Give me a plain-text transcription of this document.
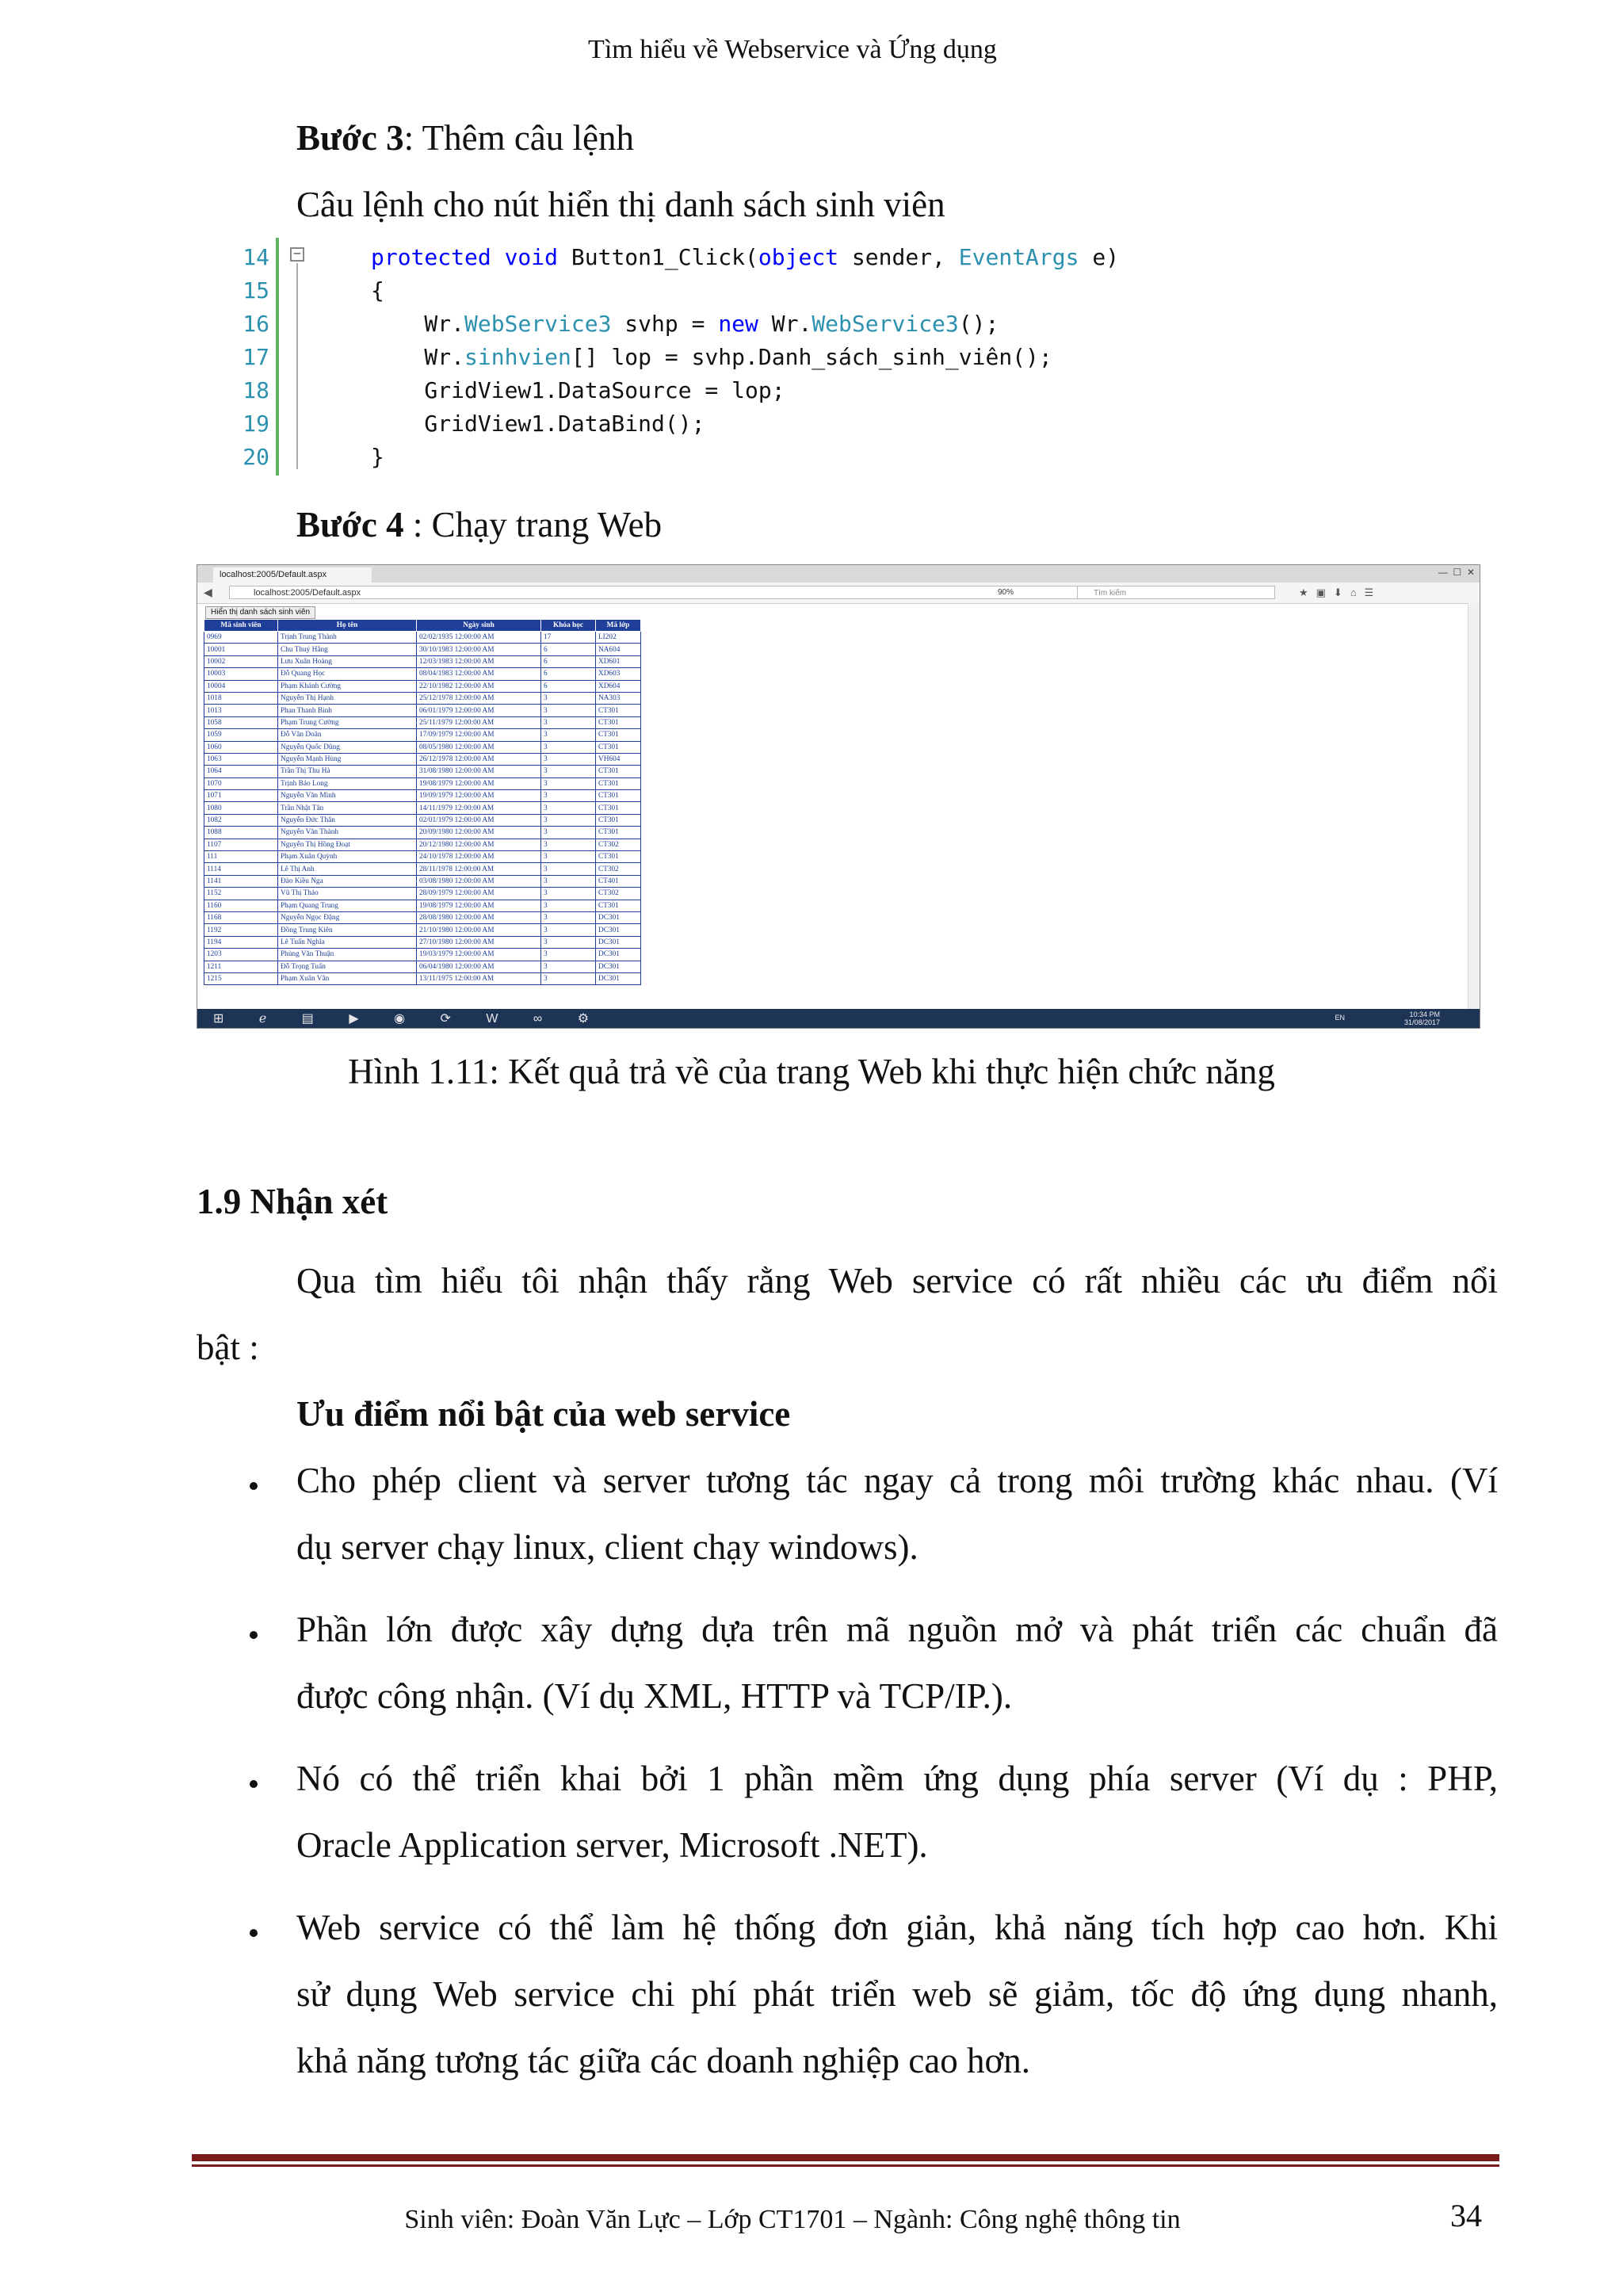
Tìm hiểu về Webservice và Ứng dụng
Bước 3: Thêm câu lệnh
Câu lệnh cho nút hiển thị danh sách sinh viên
14
15
16
17
18
19
20
−	protected void Button1_Click(object sender, EventArgs e)
{
Wr.WebService3 svhp = new Wr.WebService3();
Wr.sinhvien[] lop = svhp.Danh_sách_sinh_viên();
GridView1.DataSource = lop;
GridView1.DataBind();
}
Bước 4 : Chạy trang Web
localhost:2005/Default.aspx	—  ☐  ✕
◀	localhost:2005/Default.aspx	90%	Tìm kiếm	★▣⬇⌂☰
Hiển thị danh sách sinh viên
Mã sinh viên	Họ tên	Ngày sinh	Khóa học	Mã lớp
0969	Trịnh Trung Thành	02/02/1935 12:00:00 AM	17	LI202
10001	Chu Thuý Hằng	30/10/1983 12:00:00 AM	6	NA604
10002	Lưu Xuân Hoàng	12/03/1983 12:00:00 AM	6	XD601
10003	Đỗ Quang Học	08/04/1983 12:00:00 AM	6	XD603
10004	Phạm Khánh Cường	22/10/1982 12:00:00 AM	6	XD604
1018	Nguyễn Thị Hạnh	25/12/1978 12:00:00 AM	3	NA303
1013	Phan Thanh Bình	06/01/1979 12:00:00 AM	3	CT301
1058	Phạm Trung Cường	25/11/1979 12:00:00 AM	3	CT301
1059	Đỗ Văn Doãn	17/09/1979 12:00:00 AM	3	CT301
1060	Nguyễn Quốc Dũng	08/05/1980 12:00:00 AM	3	CT301
1063	Nguyễn Mạnh Hùng	26/12/1978 12:00:00 AM	3	VH604
1064	Trần Thị Thu Hà	31/08/1980 12:00:00 AM	3	CT301
1070	Trịnh Bảo Long	19/08/1979 12:00:00 AM	3	CT301
1071	Nguyễn Văn Minh	19/09/1979 12:00:00 AM	3	CT301
1080	Trần Nhật Tân	14/11/1979 12:00:00 AM	3	CT301
1082	Nguyễn Đức Thân	02/01/1979 12:00:00 AM	3	CT301
1088	Nguyễn Văn Thành	20/09/1980 12:00:00 AM	3	CT301
1107	Nguyễn Thị Hồng Đoạt	20/12/1980 12:00:00 AM	3	CT302
111	Phạm Xuân Quỳnh	24/10/1978 12:00:00 AM	3	CT301
1114	Lê Thị Anh	28/11/1978 12:00:00 AM	3	CT302
1141	Đào Kiều Nga	03/08/1980 12:00:00 AM	3	CT401
1152	Vũ Thị Thảo	28/09/1979 12:00:00 AM	3	CT302
1160	Phạm Quang Trung	19/08/1979 12:00:00 AM	3	CT301
1168	Nguyễn Ngọc Đặng	28/08/1980 12:00:00 AM	3	DC301
1192	Đồng Trung Kiên	21/10/1980 12:00:00 AM	3	DC301
1194	Lê Tuấn Nghĩa	27/10/1980 12:00:00 AM	3	DC301
1203	Phùng Văn Thuận	19/03/1979 12:00:00 AM	3	DC301
1211	Đỗ Trọng Tuấn	06/04/1980 12:00:00 AM	3	DC301
1215	Phạm Xuân Vân	13/11/1975 12:00:00 AM	3	DC301
⊞ ℯ ▤ ▶ ◉ ⟳ W ∞ ⚙	EN	10:34 PM
31/08/2017
Hình 1.11: Kết quả trả về của trang Web khi thực hiện chức năng
1.9 Nhận xét
Qua tìm hiểu tôi nhận thấy rằng Web service có rất nhiều các ưu điểm nổi
bật :
Ưu điểm nổi bật của web service
Cho phép client và server tương tác ngay cả trong môi trường khác nhau. (Ví
dụ server chạy linux, client chạy windows).
Phần lớn được xây dựng dựa trên mã nguồn mở và phát triển các chuẩn đã
được công nhận. (Ví dụ XML, HTTP và TCP/IP.).
Nó có thể triển khai bởi 1 phần mềm ứng dụng phía server (Ví dụ : PHP,
Oracle Application server, Microsoft .NET).
Web service có thể làm hệ thống đơn giản, khả năng tích hợp cao hơn. Khi
sử dụng Web service chi phí phát triển web sẽ giảm, tốc độ ứng dụng nhanh,
khả năng tương tác giữa các doanh nghiệp cao hơn.
Sinh viên: Đoàn Văn Lực – Lớp CT1701 – Ngành: Công nghệ thông tin	34
